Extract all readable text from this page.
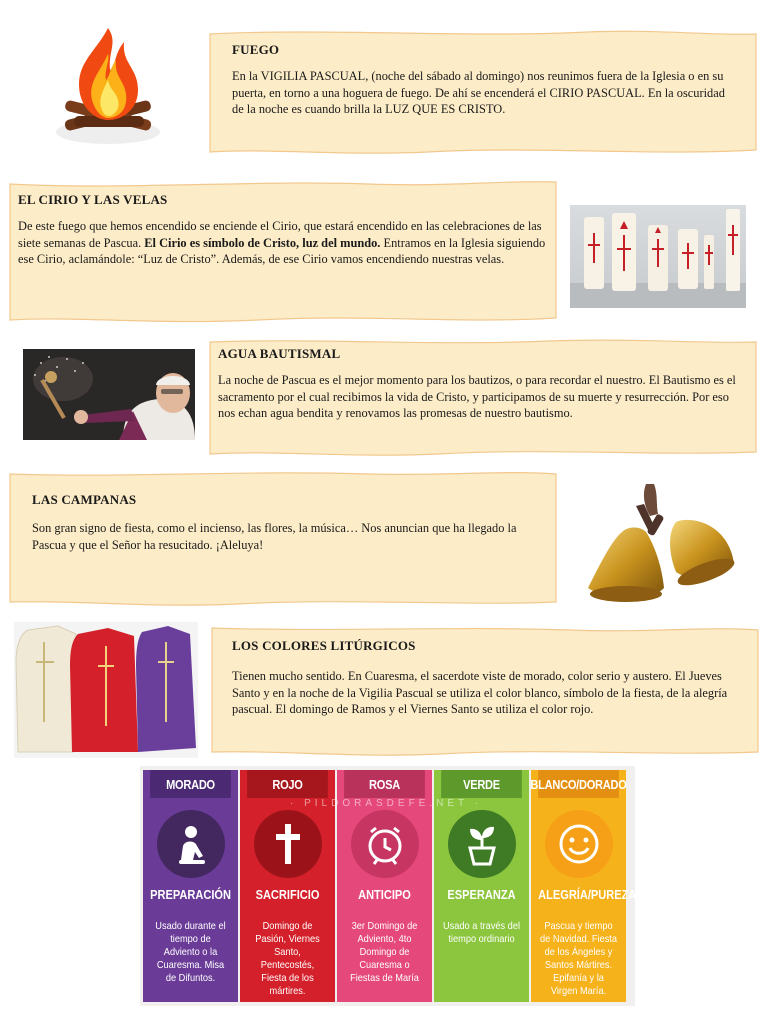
FUEGO

En la VIGILIA PASCUAL, (noche del sábado al domingo) nos reunimos fuera de la Iglesia o en su puerta, en torno a una hoguera de fuego. De ahí se encenderá el CIRIO PASCUAL. En la oscuridad de la noche es cuando brilla la LUZ QUE ES CRISTO.

EL CIRIO Y LAS VELAS

De este fuego que hemos encendido se enciende el Cirio, que estará encendido en las celebraciones de las siete semanas de Pascua. El Cirio es símbolo de Cristo, luz del mundo. Entramos en la Iglesia siguiendo ese Cirio, aclamándole: “Luz de Cristo”. Además, de ese Cirio vamos encendiendo nuestras velas.

AGUA BAUTISMAL

La noche de Pascua es el mejor momento para los bautizos, o para recordar el nuestro. El Bautismo es el sacramento por el cual recibimos la vida de Cristo, y participamos de su muerte y resurrección. Por eso nos echan agua bendita y renovamos las promesas de nuestro bautismo.

LAS CAMPANAS

Son gran signo de fiesta, como el incienso, las flores, la música… Nos anuncian que ha llegado la Pascua y que el Señor ha resucitado. ¡Aleluya!

LOS COLORES LITÚRGICOS

Tienen mucho sentido. En Cuaresma, el sacerdote viste de morado, color serio y austero. El Jueves Santo y en la noche de la Vigilia Pascual se utiliza el color blanco, símbolo de la fiesta, de la alegría pascual. El domingo de Ramos y el Viernes Santo se utiliza el color rojo.

MORADO
PREPARACIÓN
Usado durante el tiempo de Adviento o la Cuaresma. Misa de Difuntos.
ROJO
SACRIFICIO
Domingo de Pasión, Viernes Santo, Pentecostés, Fiesta de los mártires.
ROSA
ANTICIPO
3er Domingo de Adviento, 4to Domingo de Cuaresma o Fiestas de María
VERDE
ESPERANZA
Usado a través del tiempo ordinario
BLANCO/DORADO
ALEGRÍA/PUREZA
Pascua y tiempo de Navidad. Fiesta de los Ángeles y Santos Mártires. Epifanía y la Virgen María.
· PILDORASDEFE.NET ·
